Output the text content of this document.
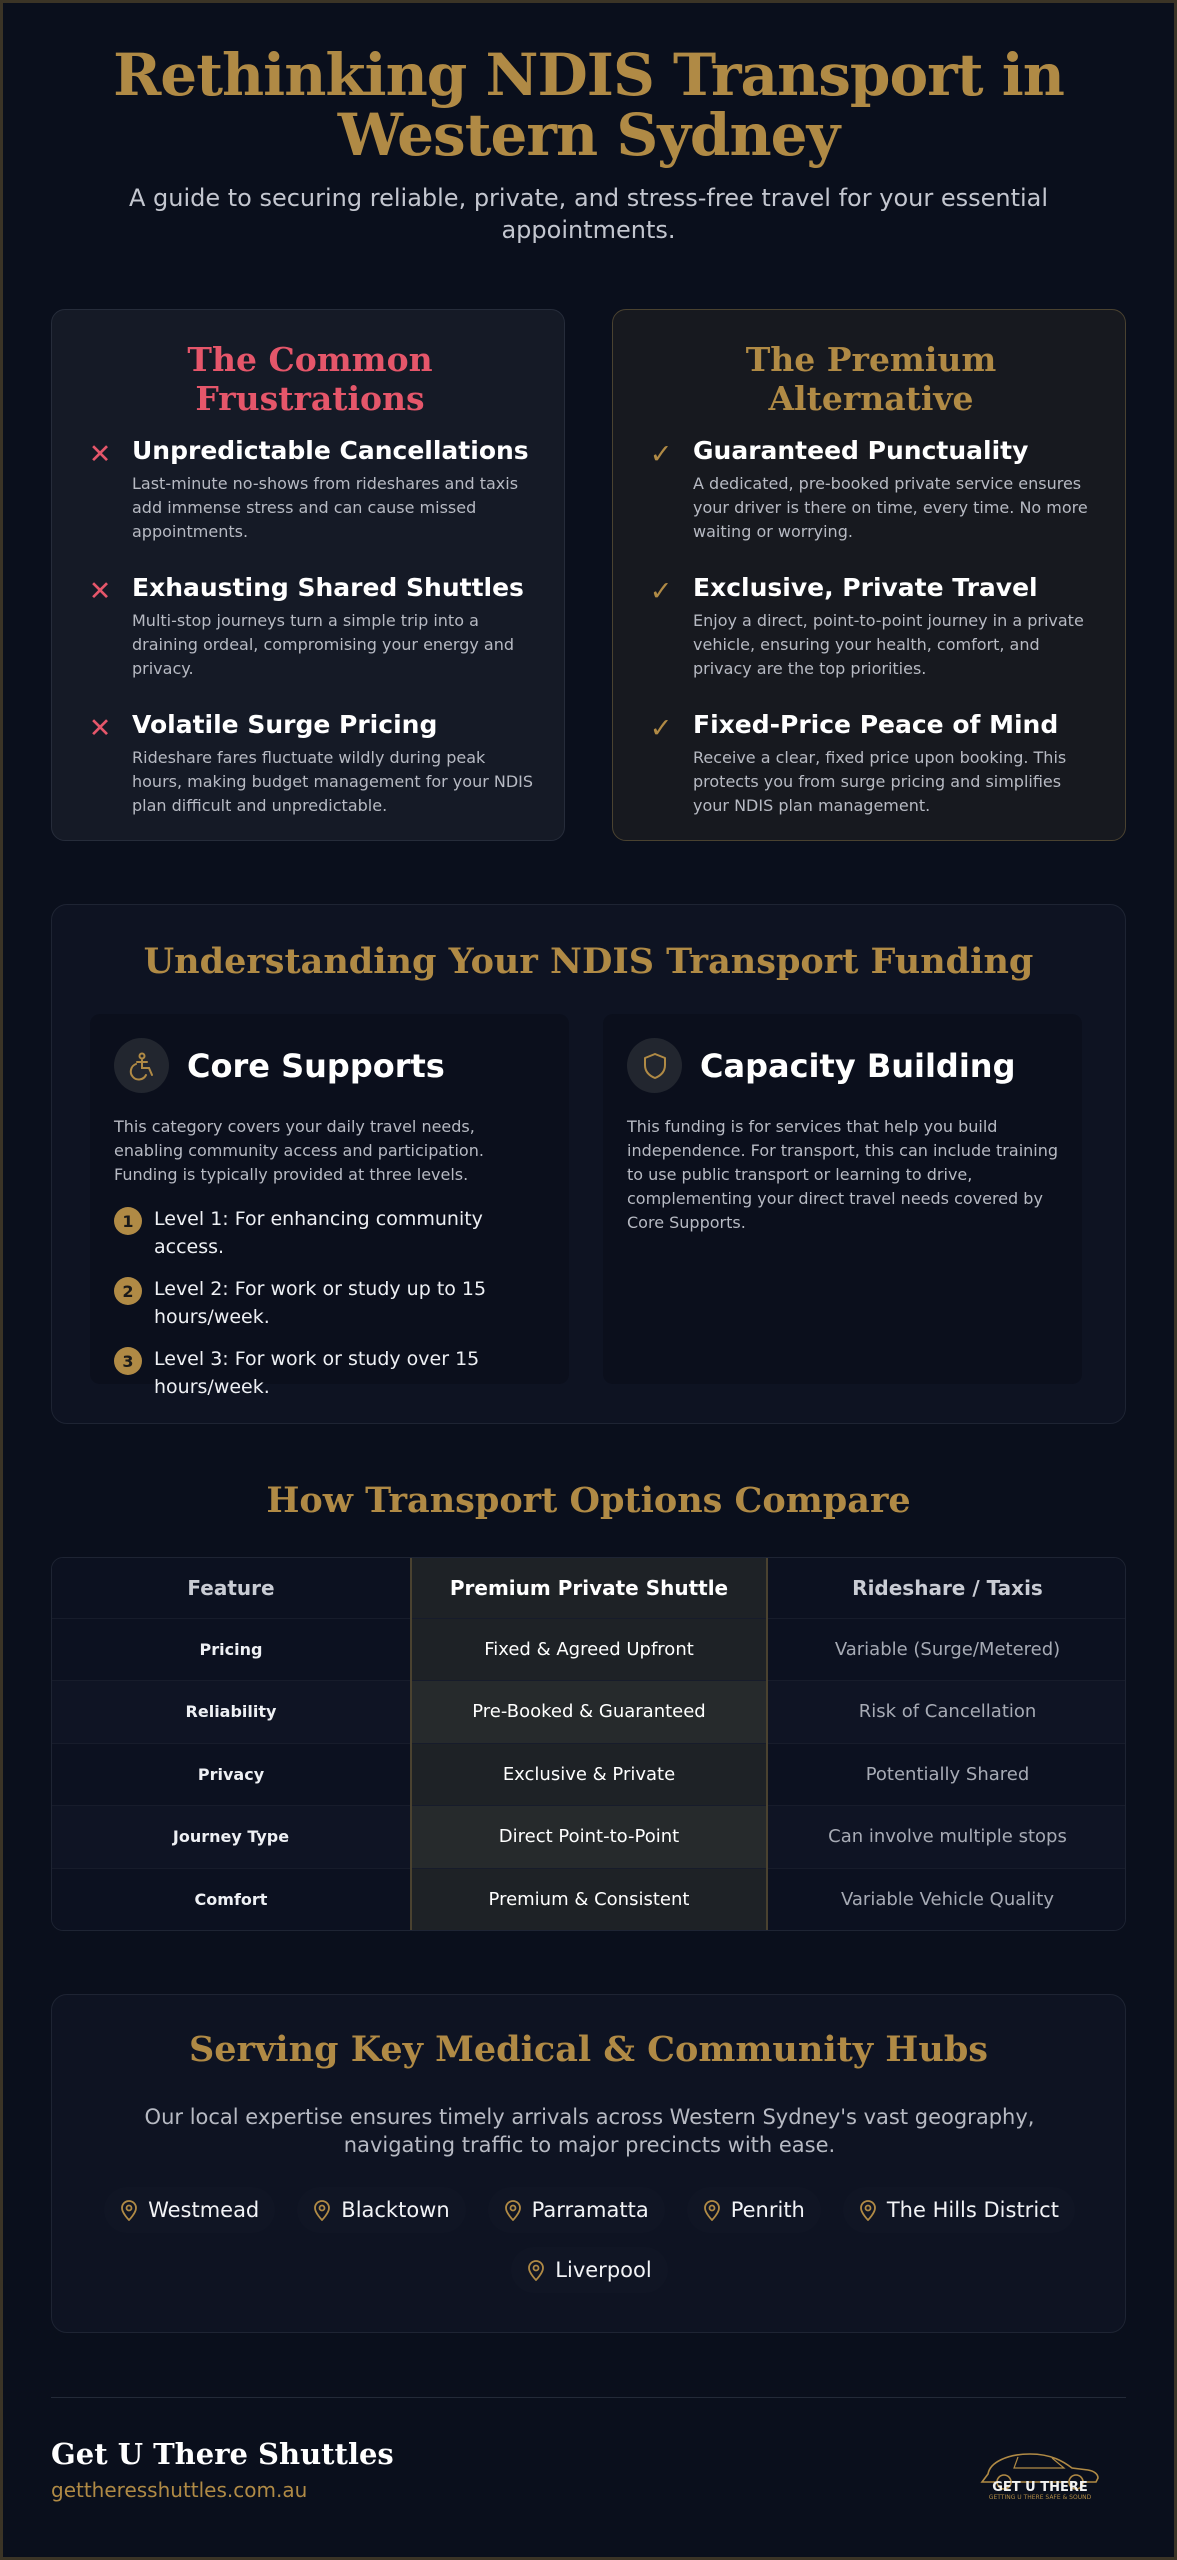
Rethinking NDIS Transport in Western Sydney

A guide to securing reliable, private, and stress-free travel for your essential appointments.

The Common Frustrations
✕ Unpredictable Cancellations

Last-minute no-shows from rideshares and taxis add immense stress and can cause missed appointments.

✕ Exhausting Shared Shuttles

Multi-stop journeys turn a simple trip into a draining ordeal, compromising your energy and privacy.

✕ Volatile Surge Pricing

Rideshare fares fluctuate wildly during peak hours, making budget management for your NDIS plan difficult and unpredictable.

The Premium Alternative
✓ Guaranteed Punctuality

A dedicated, pre-booked private service ensures your driver is there on time, every time. No more waiting or worrying.

✓ Exclusive, Private Travel

Enjoy a direct, point-to-point journey in a private vehicle, ensuring your health, comfort, and privacy are the top priorities.

✓ Fixed-Price Peace of Mind

Receive a clear, fixed price upon booking. This protects you from surge pricing and simplifies your NDIS plan management.

Understanding Your NDIS Transport Funding
Core Supports

This category covers your daily travel needs, enabling community access and participation. Funding is typically provided at three levels.

1	Level 1: For enhancing community access.
2	Level 2: For work or study up to 15 hours/week.
3	Level 3: For work or study over 15 hours/week.
Capacity Building

This funding is for services that help you build independence. For transport, this can include training to use public transport or learning to drive, complementing your direct travel needs covered by Core Supports.

How Transport Options Compare
Feature	Premium Private Shuttle	Rideshare / Taxis
Pricing	Fixed & Agreed Upfront	Variable (Surge/Metered)
Reliability	Pre-Booked & Guaranteed	Risk of Cancellation
Privacy	Exclusive & Private	Potentially Shared
Journey Type	Direct Point-to-Point	Can involve multiple stops
Comfort	Premium & Consistent	Variable Vehicle Quality
Serving Key Medical & Community Hubs

Our local expertise ensures timely arrivals across Western Sydney's vast geography, navigating traffic to major precincts with ease.

Westmead	Blacktown	Parramatta	Penrith	The Hills District
Liverpool
Get U There Shuttles
gettheresshuttles.com.au	GET U THERE
GETTING U THERE SAFE & SOUND
